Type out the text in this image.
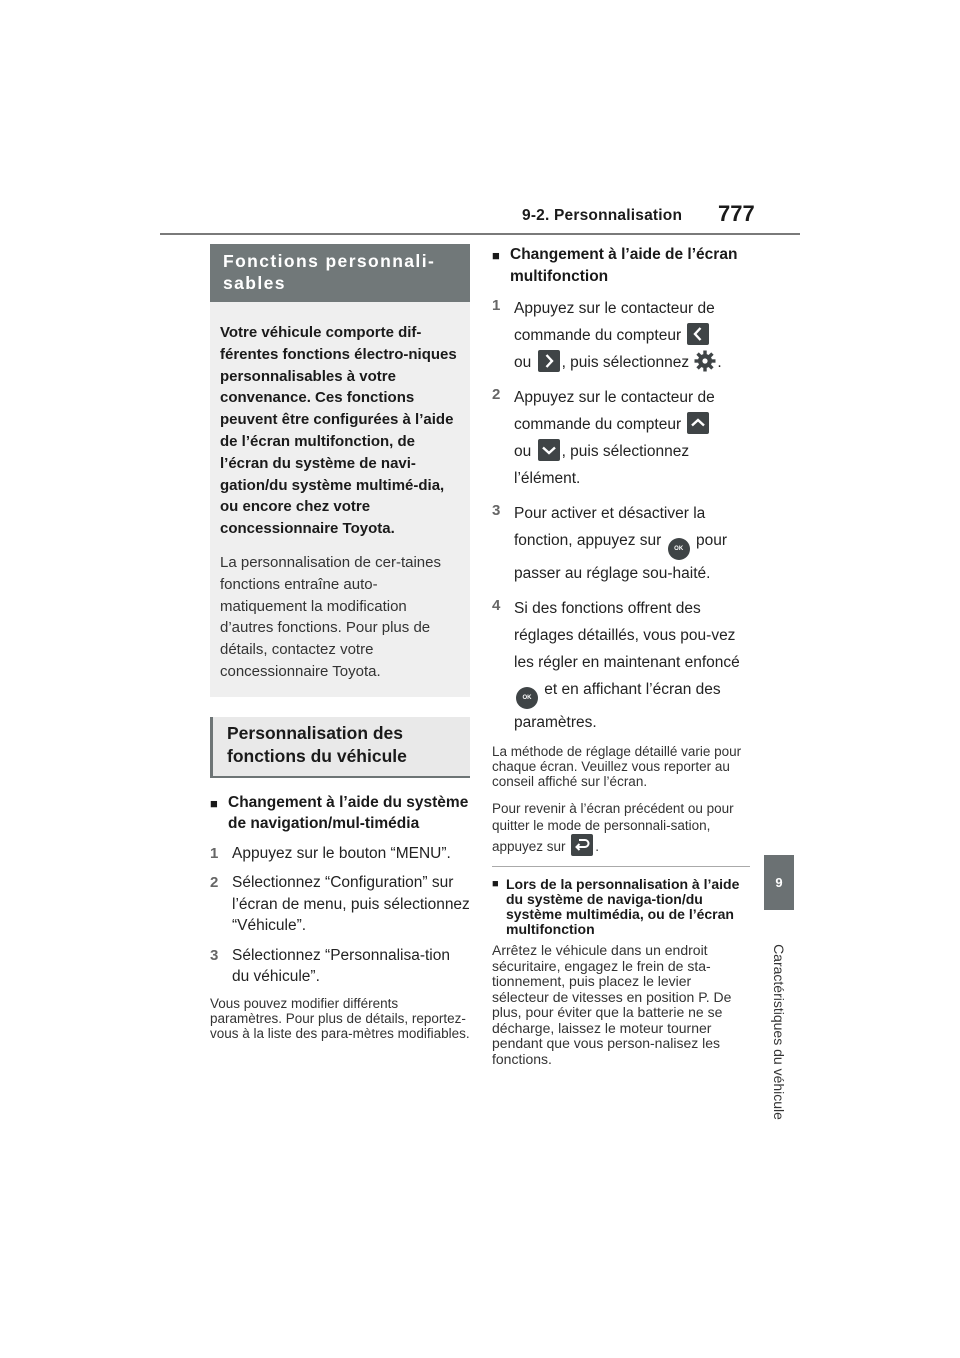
9-2. Personnalisation 777
9
Caractéristiques du véhicule
Fonctions personnali-sables

Votre véhicule comporte dif-férentes fonctions électro-niques personnalisables à votre convenance. Ces fonctions peuvent être configurées à l’aide de l’écran multifonction, de l’écran du système de navi-gation/du système multimé-dia, ou encore chez votre concessionnaire Toyota.

La personnalisation de cer-taines fonctions entraîne auto-matiquement la modification d’autres fonctions. Pour plus de détails, contactez votre concessionnaire Toyota.

Personnalisation des fonctions du véhicule
■ Changement à l’aide du système de navigation/mul-timédia
1 Appuyez sur le bouton “MENU”.

2 Sélectionnez “Configuration” sur l’écran de menu, puis sélectionnez “Véhicule”.

3 Sélectionnez “Personnalisa-tion du véhicule”.

Vous pouvez modifier différents paramètres. Pour plus de détails, reportez-vous à la liste des para-mètres modifiables.

■ Changement à l’aide de l’écran multifonction
1 Appuyez sur le contacteur de commande du compteur

ou
, puis sélectionnez .

2 Appuyez sur le contacteur de commande du compteur

ou
, puis sélectionnez l’élément.

3 Pour activer et désactiver la fonction, appuyez sur OK pour passer au réglage sou-haité.

4 Si des fonctions offrent des réglages détaillés, vous pou-vez les régler en maintenant enfoncé OK et en affichant l’écran des paramètres.

La méthode de réglage détaillé varie pour chaque écran. Veuillez vous reporter au conseil affiché sur l’écran.

Pour revenir à l’écran précédent ou pour quitter le mode de personnali-sation, appuyez sur
.

■ Lors de la personnalisation à l’aide du système de naviga-tion/du système multimédia, ou de l’écran multifonction

Arrêtez le véhicule dans un endroit sécuritaire, engagez le frein de sta-tionnement, puis placez le levier sélecteur de vitesses en position P. De plus, pour éviter que la batterie ne se décharge, laissez le moteur tourner pendant que vous person-nalisez les fonctions.
